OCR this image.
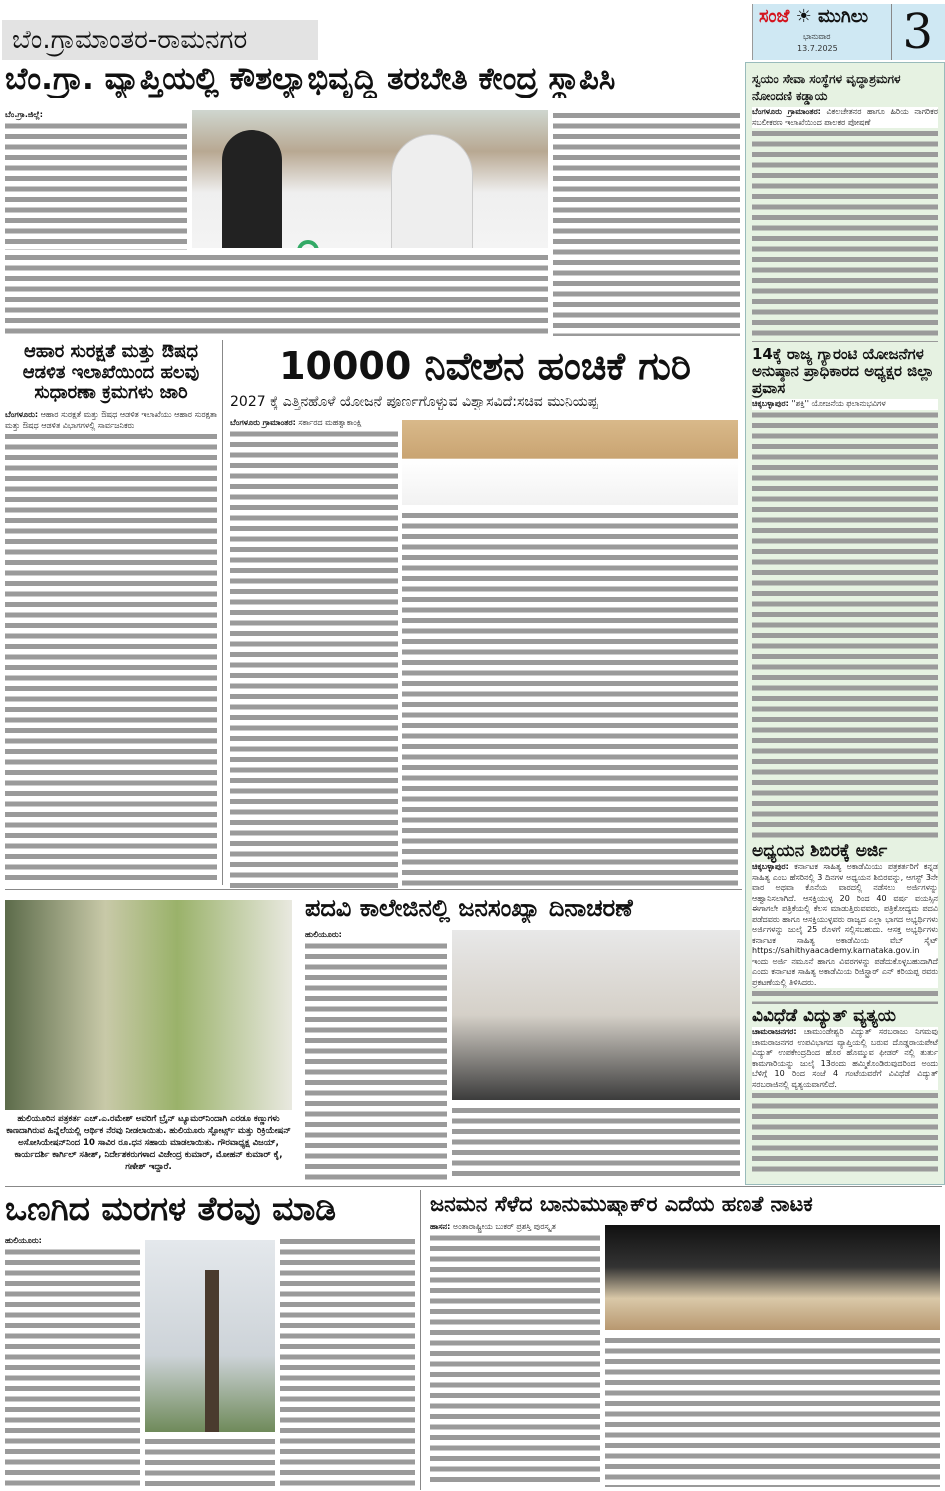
ಬೆಂ.ಗ್ರಾಮಾಂತರ-ರಾಮನಗರ
ಸಂಜೆ ☀ ಮುಗಿಲು
ಭಾನುವಾರ
13.7.2025 3
ಬೆಂ.ಗ್ರಾ. ವ್ಯಾಪ್ತಿಯಲ್ಲಿ ಕೌಶಲ್ಯಾಭಿವೃದ್ಧಿ ತರಬೇತಿ ಕೇಂದ್ರ ಸ್ಥಾಪಿಸಿ

ಬೆಂ.ಗ್ರಾ.ಜಿಲ್ಲೆ:

ಸ್ವಯಂ ಸೇವಾ ಸಂಸ್ಥೆಗಳ ವೃದ್ಧಾಶ್ರಮಗಳ ನೋಂದಣಿ ಕಡ್ಡಾಯ

ಬೆಂಗಳೂರು ಗ್ರಾಮಾಂತರ: ವಿಕಲಚೇತನರ ಹಾಗೂ ಹಿರಿಯ ನಾಗರಿಕರ ಸಬಲೀಕರಣ ಇಲಾಖೆಯಿಂದ ಪಾಲಕರ ಪೋಷಣೆ

14ಕ್ಕೆ ರಾಜ್ಯ ಗ್ಯಾರಂಟಿ ಯೋಜನೆಗಳ ಅನುಷ್ಠಾನ ಪ್ರಾಧಿಕಾರದ ಅಧ್ಯಕ್ಷರ ಜಿಲ್ಲಾ ಪ್ರವಾಸ

ಚಿಕ್ಕಬಳ್ಳಾಪುರ: ''ಶಕ್ತಿ'' ಯೋಜನೆಯ ಫಲಾನುಭವಿಗಳ

ಅಧ್ಯಯನ ಶಿಬಿರಕ್ಕೆ ಅರ್ಜಿ

ಚಿಕ್ಕಬಳ್ಳಾಪುರ: ಕರ್ನಾಟಕ ಸಾಹಿತ್ಯ ಅಕಾಡೆಮಿಯು ಪತ್ರಕರ್ತರಿಗೆ ಕನ್ನಡ ಸಾಹಿತ್ಯ ಎಂಬ ಹೆಸರಿನಲ್ಲಿ 3 ದಿನಗಳ ಅಧ್ಯಯನ ಶಿಬಿರವನ್ನು, ಆಗಸ್ಟ್ 3ನೇ ವಾರ ಅಥವಾ ಕೊನೆಯ ವಾರದಲ್ಲಿ ನಡೆಸಲು ಅರ್ಜಿಗಳನ್ನು ಆಹ್ವಾನಿಸಲಾಗಿದೆ. ಆಸಕ್ತಿಯುಳ್ಳ 20 ರಿಂದ 40 ವರ್ಷ ವಯಸ್ಸಿನ ಈಗಾಗಲೇ ಪತ್ರಿಕೆಯಲ್ಲಿ ಕೆಲಸ ಮಾಡುತ್ತಿರುವವರು, ಪತ್ರಿಕೋದ್ಯಮ ಪದವಿ ಪಡೆದವರು ಹಾಗೂ ಆಸಕ್ತಿಯುಳ್ಳವರು ರಾಜ್ಯದ ಎಲ್ಲಾ ಭಾಗದ ಅಭ್ಯರ್ಥಿಗಳು ಅರ್ಜಿಗಳನ್ನು ಜುಲೈ 25 ರೊಳಗೆ ಸಲ್ಲಿಸಬಹುದು. ಆಸಕ್ತ ಅಭ್ಯರ್ಥಿಗಳು ಕರ್ನಾಟಕ ಸಾಹಿತ್ಯ ಅಕಾಡೆಮಿಯ ವೆಬ್ ಸೈಟ್ https://sahithyaacademy.karnataka.gov.in ಇಂದು ಅರ್ಜಿ ನಮೂನೆ ಹಾಗೂ ವಿವರಗಳನ್ನು ಪಡೆದುಕೊಳ್ಳಬಹುದಾಗಿದೆ ಎಂದು ಕರ್ನಾಟಕ ಸಾಹಿತ್ಯ ಅಕಾಡೆಮಿಯ ರಿಜಿಸ್ಟ್ರಾರ್ ಎನ್ ಕರಿಯಪ್ಪ ರವರು ಪ್ರಕಟಣೆಯಲ್ಲಿ ತಿಳಿಸಿದರು.

ವಿವಿಧೆಡೆ ವಿದ್ಯುತ್ ವ್ಯತ್ಯಯ

ಚಾಮರಾಜನಗರ: ಚಾಮುಂಡೇಶ್ವರಿ ವಿದ್ಯುತ್ ಸರಬರಾಜು ನಿಗಮವು ಚಾಮರಾಜನಗರ ಉಪವಿಭಾಗದ ವ್ಯಾಪ್ತಿಯಲ್ಲಿ ಬರುವ ದೊಡ್ಡರಾಯಪೇಟೆ ವಿದ್ಯುತ್ ಉಪಕೇಂದ್ರದಿಂದ ಹೊರ ಹೊಮ್ಮುವ ಫೀಡರ್ ನಲ್ಲಿ ತುರ್ತು ಕಾಮಗಾರಿಯನ್ನು ಜುಲೈ 13ರಂದು ಹಮ್ಮಿಕೊಂಡಿರುವುದರಿಂದ ಅಂದು ಬೆಳಿಗ್ಗೆ 10 ರಿಂದ ಸಂಜೆ 4 ಗಂಟೆಯವರೆಗೆ ವಿವಿಧೆಡೆ ವಿದ್ಯುತ್ ಸರಬರಾಜಿನಲ್ಲಿ ವ್ಯತ್ಯಯವಾಗಲಿದೆ.

ಆಹಾರ ಸುರಕ್ಷತೆ ಮತ್ತು ಔಷಧ ಆಡಳಿತ ಇಲಾಖೆಯಿಂದ ಹಲವು ಸುಧಾರಣಾ ಕ್ರಮಗಳು ಜಾರಿ

ಬೆಂಗಳೂರು: ಆಹಾರ ಸುರಕ್ಷತೆ ಮತ್ತು ಔಷಧ ಆಡಳಿತ ಇಲಾಖೆಯು ಆಹಾರ ಸುರಕ್ಷತಾ ಮತ್ತು ಔಷಧ ಆಡಳಿತ ವಿಭಾಗಗಳಲ್ಲಿ ಸಾರ್ವಜನಿಕರು

10000 ನಿವೇಶನ ಹಂಚಿಕೆ ಗುರಿ
2027 ಕ್ಕೆ ಎತ್ತಿನಹೊಳೆ ಯೋಜನೆ ಪೂರ್ಣಗೊಳ್ಳುವ ವಿಶ್ವಾಸವಿದೆ:ಸಚಿವ ಮುನಿಯಪ್ಪ

ಬೆಂಗಳೂರು ಗ್ರಾಮಾಂತರ: ಸರ್ಕಾರದ ಮಹತ್ವಾಕಾಂಕ್ಷಿ

ಹುಲಿಯೂರಿನ ಪತ್ರಕರ್ತ ಎಚ್.ಎ.ರಮೇಶ್ ಅವರಿಗೆ ಬ್ರೈನ್ ಟ್ಯೂಮರ್‌ನಿಂದಾಗಿ ಎರಡೂ ಕಣ್ಣುಗಳು ಕಾಣದಾಗಿರುವ ಹಿನ್ನೆಲೆಯಲ್ಲಿ ಆರ್ಥಿಕ ನೆರವು ನೀಡಲಾಯಿತು. ಹುಲಿಯೂರು ಸ್ಪೋರ್ಟ್ಸ್ ಮತ್ತು ರಿಕ್ರಿಯೇಷನ್ ಅಸೋಸಿಯೇಷನ್‌ನಿಂದ 10 ಸಾವಿರ ರೂ.ಧನ ಸಹಾಯ ಮಾಡಲಾಯಿತು. ಗೌರವಾಧ್ಯಕ್ಷ ವಿಜಯ್, ಕಾರ್ಯದರ್ಶಿ ಕಾರ್ಗಿಲ್ ಸತೀಶ್, ನಿರ್ದೇಶಕರುಗಳಾದ ವಿಜೇಂದ್ರ ಕುಮಾರ್, ಮೋಹನ್ ಕುಮಾರ್ ಕೈ, ಗಣೇಶ್ ಇದ್ದಾರೆ.
ಪದವಿ ಕಾಲೇಜಿನಲ್ಲಿ ಜನಸಂಖ್ಯಾ ದಿನಾಚರಣೆ

ಹುಲಿಯೂರು:

ಒಣಗಿದ ಮರಗಳ ತೆರವು ಮಾಡಿ

ಹುಲಿಯೂರು:

ಜನಮನ ಸೆಳೆದ ಬಾನುಮುಷ್ತಾಕ್‌ರ ಎದೆಯ ಹಣತೆ ನಾಟಕ

ಹಾಸನ: ಅಂತಾರಾಷ್ಟ್ರೀಯ ಬುಕರ್ ಪ್ರಶಸ್ತಿ ಪುರಸ್ಕೃತ
